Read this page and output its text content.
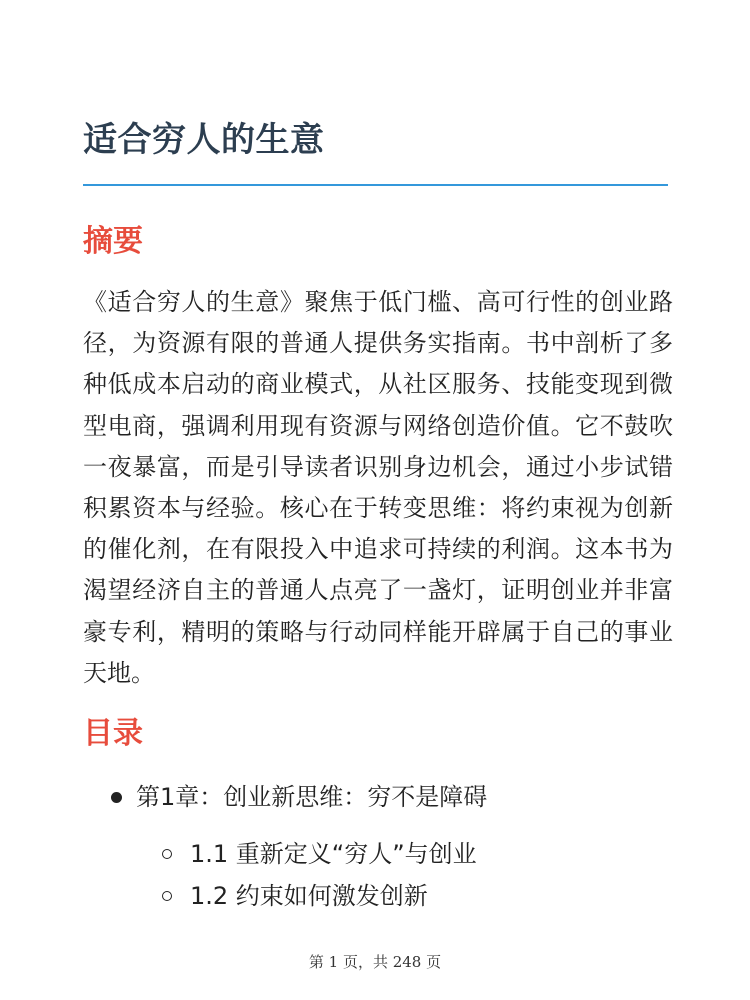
适合穷人的生意
摘要

《适合穷人的生意》聚焦于低门槛、高可行性的创业路径，为资源有限的普通人提供务实指南。书中剖析了多种低成本启动的商业模式，从社区服务、技能变现到微型电商，强调利用现有资源与网络创造价值。它不鼓吹一夜暴富，而是引导读者识别身边机会，通过小步试错积累资本与经验。核心在于转变思维：将约束视为创新的催化剂，在有限投入中追求可持续的利润。这本书为渴望经济自主的普通人点亮了一盏灯，证明创业并非富豪专利，精明的策略与行动同样能开辟属于自己的事业天地。

目录
第1章：创业新思维：穷不是障碍
1.1 重新定义“穷人”与创业
1.2 约束如何激发创新
第 1 页，共 248 页
